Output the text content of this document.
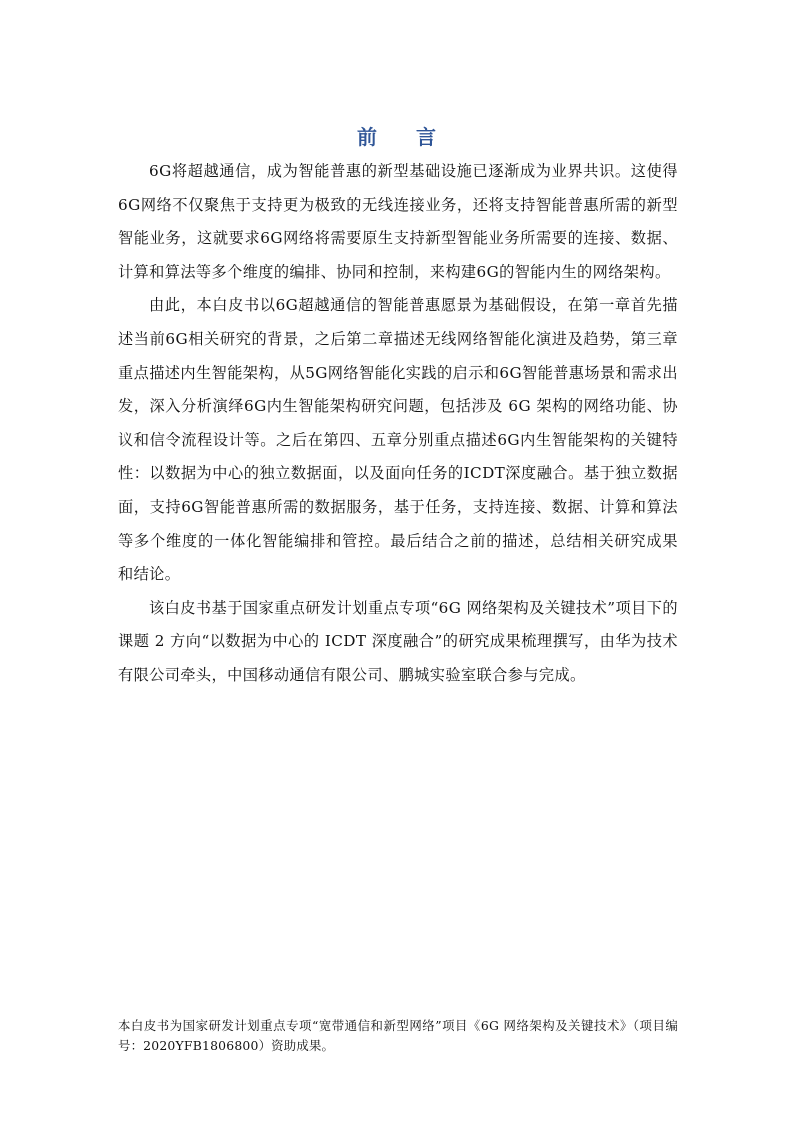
前 言

6G将超越通信，成为智能普惠的新型基础设施已逐渐成为业界共识。这使得6G网络不仅聚焦于支持更为极致的无线连接业务，还将支持智能普惠所需的新型智能业务，这就要求6G网络将需要原生支持新型智能业务所需要的连接、数据、计算和算法等多个维度的编排、协同和控制，来构建6G的智能内生的网络架构。

由此，本白皮书以6G超越通信的智能普惠愿景为基础假设，在第一章首先描述当前6G相关研究的背景，之后第二章描述无线网络智能化演进及趋势，第三章重点描述内生智能架构，从5G网络智能化实践的启示和6G智能普惠场景和需求出发，深入分析演绎6G内生智能架构研究问题，包括涉及 6G 架构的网络功能、协议和信令流程设计等。之后在第四、五章分别重点描述6G内生智能架构的关键特性：以数据为中心的独立数据面，以及面向任务的ICDT深度融合。基于独立数据面，支持6G智能普惠所需的数据服务，基于任务，支持连接、数据、计算和算法等多个维度的一体化智能编排和管控。最后结合之前的描述，总结相关研究成果和结论。

该白皮书基于国家重点研发计划重点专项“6G 网络架构及关键技术”项目下的课题 2 方向“以数据为中心的 ICDT 深度融合”的研究成果梳理撰写，由华为技术有限公司牵头，中国移动通信有限公司、鹏城实验室联合参与完成。

本白皮书为国家研发计划重点专项“宽带通信和新型网络”项目《6G 网络架构及关键技术》（项目编号：2020YFB1806800）资助成果。
